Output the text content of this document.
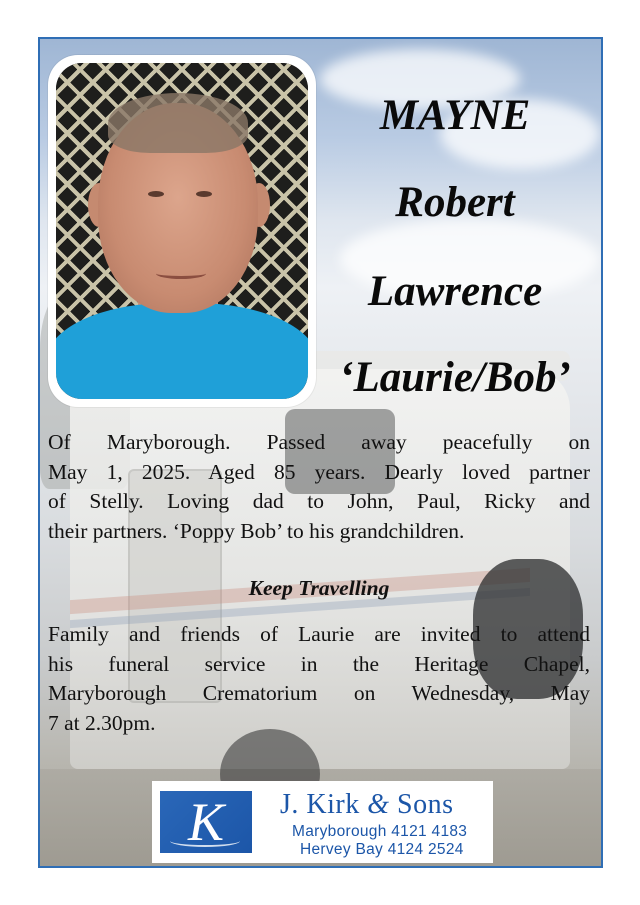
MAYNE
Robert
Lawrence
‘Laurie/Bob’
Of Maryborough. Passed away peacefully on
May 1, 2025. Aged 85 years. Dearly loved partner
of Stelly. Loving dad to John, Paul, Ricky and
their partners. ‘Poppy Bob’ to his grandchildren.
Keep Travelling
Family and friends of Laurie are invited to attend
his funeral service in the Heritage Chapel,
Maryborough Crematorium on Wednesday, May
7 at 2.30pm.
K	J. Kirk & Sons
Maryborough 4121 4183
Hervey Bay 4124 2524
